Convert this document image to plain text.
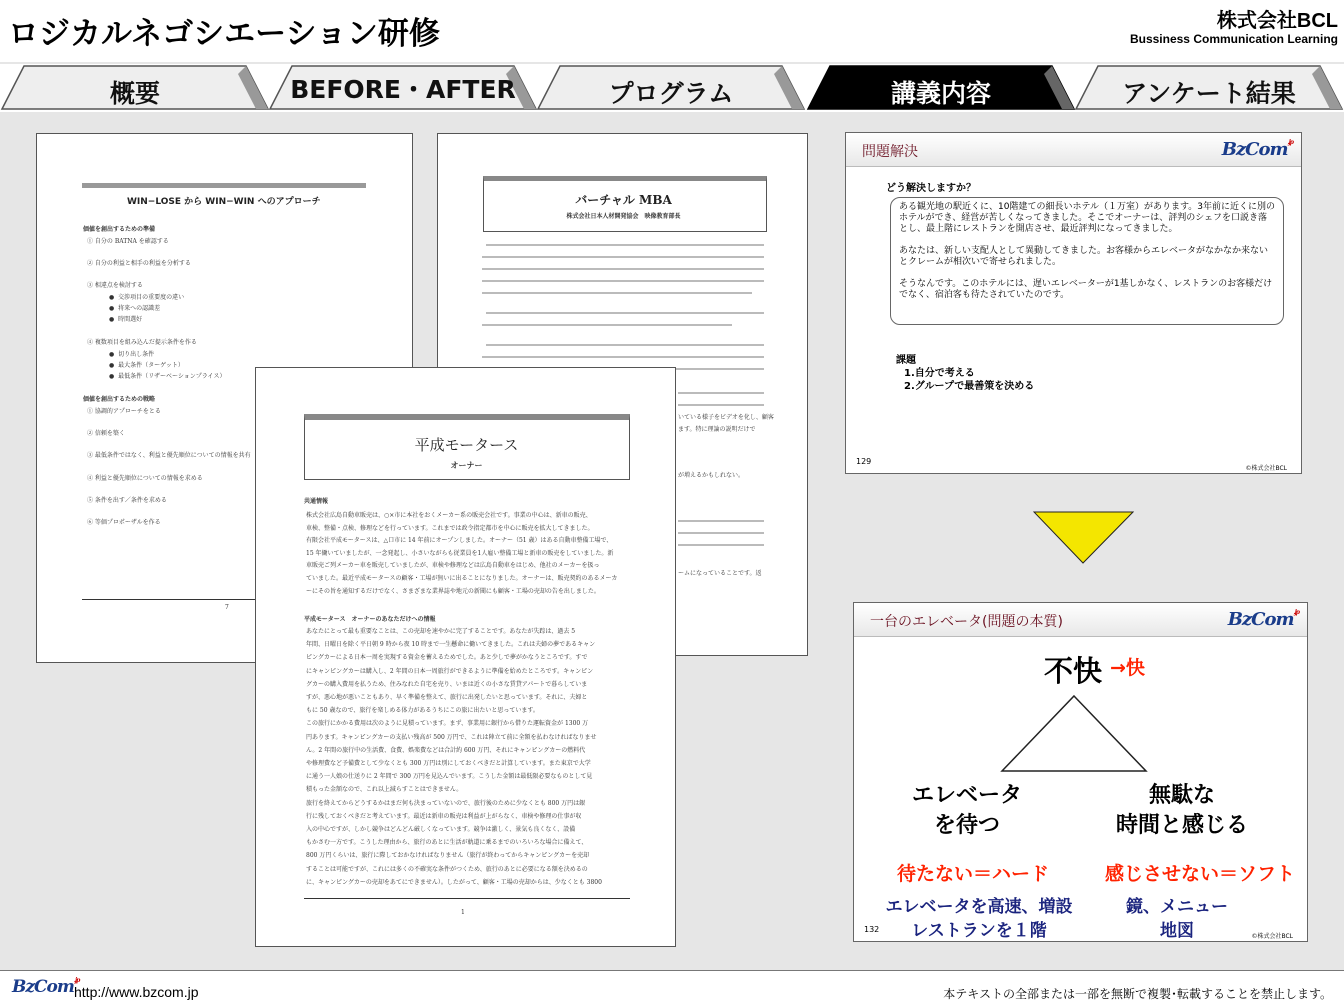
ロジカルネゴシエーション研修	株式会社BCL
Bussiness Communication Learning
概要	BEFORE・AFTER	プログラム	講義内容	アンケート結果
WIN−LOSE から WIN−WIN へのアプローチ
価値を創出するための準備
① 自分の BATNA を確認する
② 自分の利益と相手の利益を分析する
③ 相違点を検討する
●  交渉項目の重要度の違い
●  将来への認識差
●  時間選好
④ 複数項目を組み込んだ提示条件を作る
●  切り出し条件
●  最大条件（ターゲット）
●  最低条件（リザーベーションプライス）
価値を創出するための戦略
① 協調的アプローチをとる
② 信頼を築く
③ 最低条件ではなく、利益と優先順位についての情報を共有
④ 利益と優先順位についての情報を求める
⑤ 条件を出す／条件を求める
⑥ 等価プロポーザルを作る
7
バーチャル MBA
株式会社日本人材開発協会　映像教育部長
いている様子をビデオを化し、顧客
ます。特に理論の説明だけで
が増えるかもしれない。
ームになっていることです。返
平成モータース
オーナー
共通情報
株式会社広島自動車販売は、○×市に本社をおくメーカー系の販売会社です。事業の中心は、新車の販売、
車検、整備・点検、修理などを行っています。これまでは政令指定都市を中心に販売を拡大してきました。
有限会社平成モータースは、△口市に 14 年前にオープンしました。オーナー（51 歳）はある自動車整備工場で、
15 年働いていましたが、一念発起し、小さいながらも従業員を1人雇い整備工場と新車の販売をしていました。新
車販売ご列メーカー車を販売していましたが、車検や修理などは広島自動車をはじめ、他社のメーカーを扱っ
ていました。最近平成モータースの顧客・工場が無いに出ることになりました。オーナーは、販売契約のあるメーカ
ーにその旨を通知するだけでなく、さまざまな業界誌や地元の新聞にも顧客・工場の売却の告を出しました。
平成モータース　オーナーのあなただけへの情報
あなたにとって最も重要なことは、この売却を速やかに完了することです。あなたが失踪は、過去 5
年間、日曜日を除く平日朝 9 時から夜 10 時まで一生懸命に働いてきました。これは夫婦の夢であるキャン
ピングカーによる日本一周を実現する資金を蓄えるためでした。あと少しで夢がかなうところです。すで
にキャンピングカーは購入し、2 年間の日本一周旅行ができるように準備を始めたところです。キャンピン
グカーの購入費用を払うため、住みなれた自宅を売り、いまは近くの小さな賃貸アパートで暮らしていま
すが、悪心地が悪いこともあり、早く準備を整えて、旅行に出発したいと思っています。それに、夫婦と
もに 50 歳なので、旅行を楽しめる体力があるうちにこの旅に出たいと思っています。
この旅行にかかる費用は次のように見積っています。まず、事業用に銀行から借りた運転資金が 1300 万
円あります。キャンピングカーの支払い残高が 500 万円で、これは陣立て前に全額を払わなければなりませ
ん。2 年間の旅行中の生活費、食費、娯楽費などは合計約 600 万円、それにキャンピングカーの燃料代
や修理費など予備費として少なくとも 300 万円は別にしておくべきだと計算しています。また東京で大学
に通う一人娘の仕送りに 2 年間で 300 万円を見込んでいます。こうした金額は最低限必要なものとして見
積もった金額なので、これ以上減らすことはできません。
旅行を終えてからどうするかはまだ何も決まっていないので、旅行後のために少なくとも 800 万円は銀
行に残しておくべきだと考えています。最近は新車の販売は利益が上がらなく、車検や修理の仕事が収
入の中心ですが、しかし競争はどんどん厳しくなっています。競争は激しく、景気も良くなく、設備
もかさむ一方です。こうした理由から、旅行のあとに生活が軌道に乗るまでのいろいろな場合に備えて、
800 万円くらいは、旅行に際しておかなければなりません（旅行が終わってからキャンピングカーを売却
することは可能ですが、これには多くの不確実な条件がつくため、旅行のあとに必要になる額を決めるの
に、キャンピングカーの売却をあてにできません）。したがって、顧客・工場の売却からは、少なくとも 3800
1
問題解決	BzCom$^{.jp}$
どう解決しますか？
ある観光地の駅近くに、10階建ての細長いホテル（１万室）があります。3年前に近くに別のホテルができ、経営が苦しくなってきました。そこでオーナーは、評判のシェフを口説き落とし、最上階にレストランを開店させ、最近評判になってきました。
あなたは、新しい支配人として異動してきました。お客様からエレベータがなかなか来ないとクレームが相次いで寄せられました。
そうなんです。このホテルには、遅いエレベーターが1基しかなく、レストランのお客様だけでなく、宿泊客も待たされていたのです。
課題
1.自分で考える
2.グループで最善策を決める
129
©株式会社BCL
一台のエレベータ(問題の本質)	BzCom$^{.jp}$
不快 →快
エレベータ
を待つ
無駄な
時間と感じる
待たない＝ハード	感じさせない＝ソフト
エレベータを高速、増設
レストランを１階
鏡、メニュー
地図
132
©株式会社BCL
BzCom$^{.jp}$
http://www.bzcom.jp	本テキストの全部または一部を無断で複製･転載することを禁止します。
